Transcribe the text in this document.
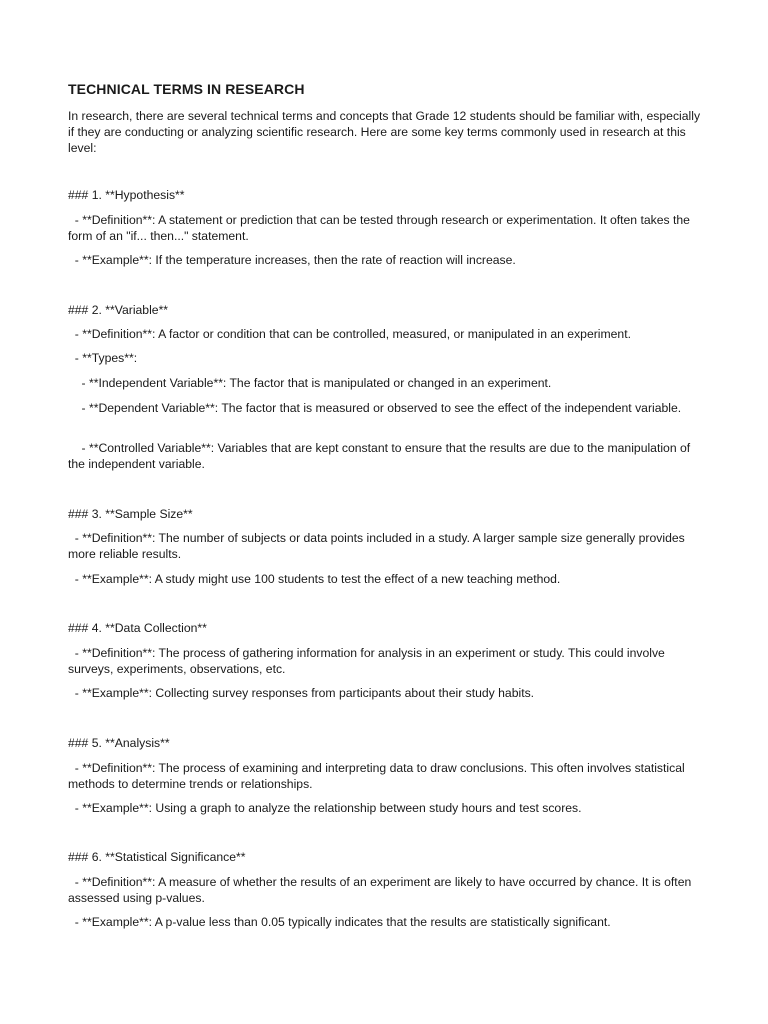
TECHNICAL TERMS IN RESEARCH

In research, there are several technical terms and concepts that Grade 12 students should be familiar with, especially if they are conducting or analyzing scientific research. Here are some key terms commonly used in research at this level:

### 1. **Hypothesis**

- **Definition**: A statement or prediction that can be tested through research or experimentation. It often takes the form of an "if... then..." statement.

- **Example**: If the temperature increases, then the rate of reaction will increase.

### 2. **Variable**

- **Definition**: A factor or condition that can be controlled, measured, or manipulated in an experiment.

- **Types**:

- **Independent Variable**: The factor that is manipulated or changed in an experiment.

- **Dependent Variable**: The factor that is measured or observed to see the effect of the independent variable.

- **Controlled Variable**: Variables that are kept constant to ensure that the results are due to the manipulation of the independent variable.

### 3. **Sample Size**

- **Definition**: The number of subjects or data points included in a study. A larger sample size generally provides more reliable results.

- **Example**: A study might use 100 students to test the effect of a new teaching method.

### 4. **Data Collection**

- **Definition**: The process of gathering information for analysis in an experiment or study. This could involve surveys, experiments, observations, etc.

- **Example**: Collecting survey responses from participants about their study habits.

### 5. **Analysis**

- **Definition**: The process of examining and interpreting data to draw conclusions. This often involves statistical methods to determine trends or relationships.

- **Example**: Using a graph to analyze the relationship between study hours and test scores.

### 6. **Statistical Significance**

- **Definition**: A measure of whether the results of an experiment are likely to have occurred by chance. It is often assessed using p-values.

- **Example**: A p-value less than 0.05 typically indicates that the results are statistically significant.
